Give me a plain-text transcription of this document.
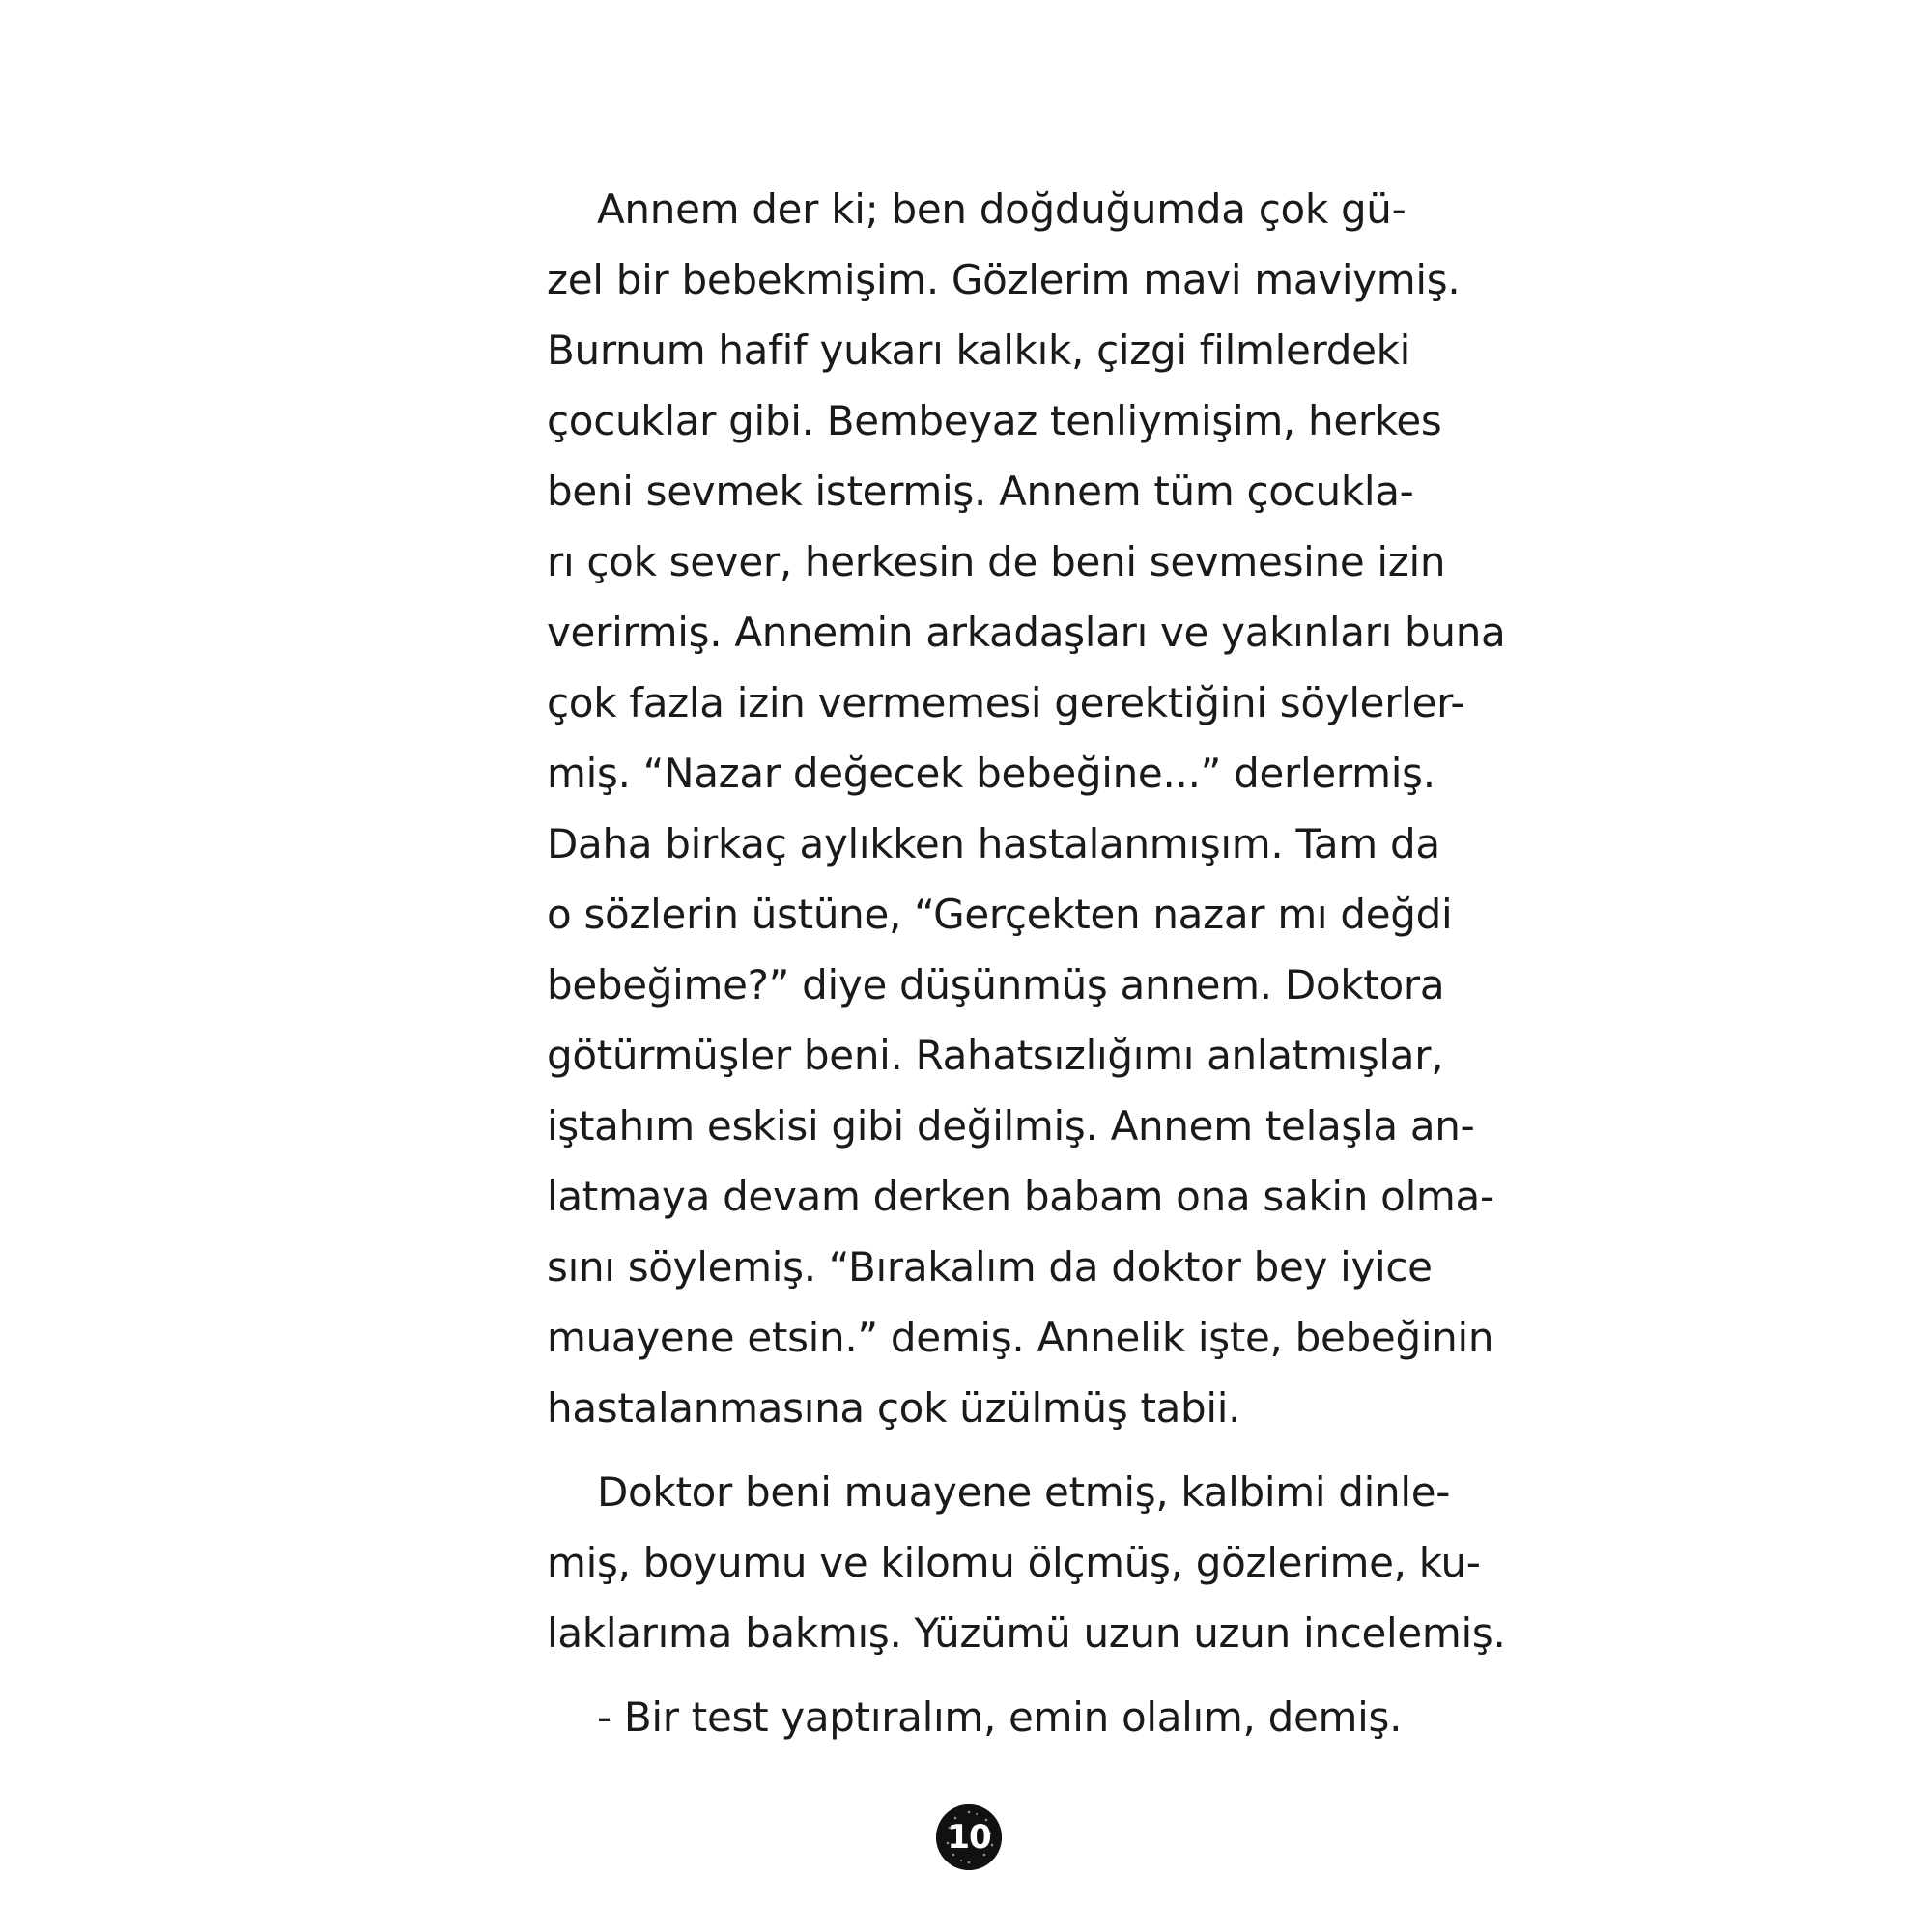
Annem der ki; ben doğduğumda çok gü-
zel bir bebekmişim. Gözlerim mavi maviymiş.
Burnum hafif yukarı kalkık, çizgi filmlerdeki
çocuklar gibi. Bembeyaz tenliymişim, herkes
beni sevmek istermiş. Annem tüm çocukla-
rı çok sever, herkesin de beni sevmesine izin
verirmiş. Annemin arkadaşları ve yakınları buna
çok fazla izin vermemesi gerektiğini söylerler-
miş. “Nazar değecek bebeğine...” derlermiş.
Daha birkaç aylıkken hastalanmışım. Tam da
o sözlerin üstüne, “Gerçekten nazar mı değdi
bebeğime?” diye düşünmüş annem. Doktora
götürmüşler beni. Rahatsızlığımı anlatmışlar,
iştahım eskisi gibi değilmiş. Annem telaşla an-
latmaya devam derken babam ona sakin olma-
sını söylemiş. “Bırakalım da doktor bey iyice
muayene etsin.” demiş. Annelik işte, bebeğinin
hastalanmasına çok üzülmüş tabii.
Doktor beni muayene etmiş, kalbimi dinle-
miş, boyumu ve kilomu ölçmüş, gözlerime, ku-
laklarıma bakmış. Yüzümü uzun uzun incelemiş.
- Bir test yaptıralım, emin olalım, demiş.
10
